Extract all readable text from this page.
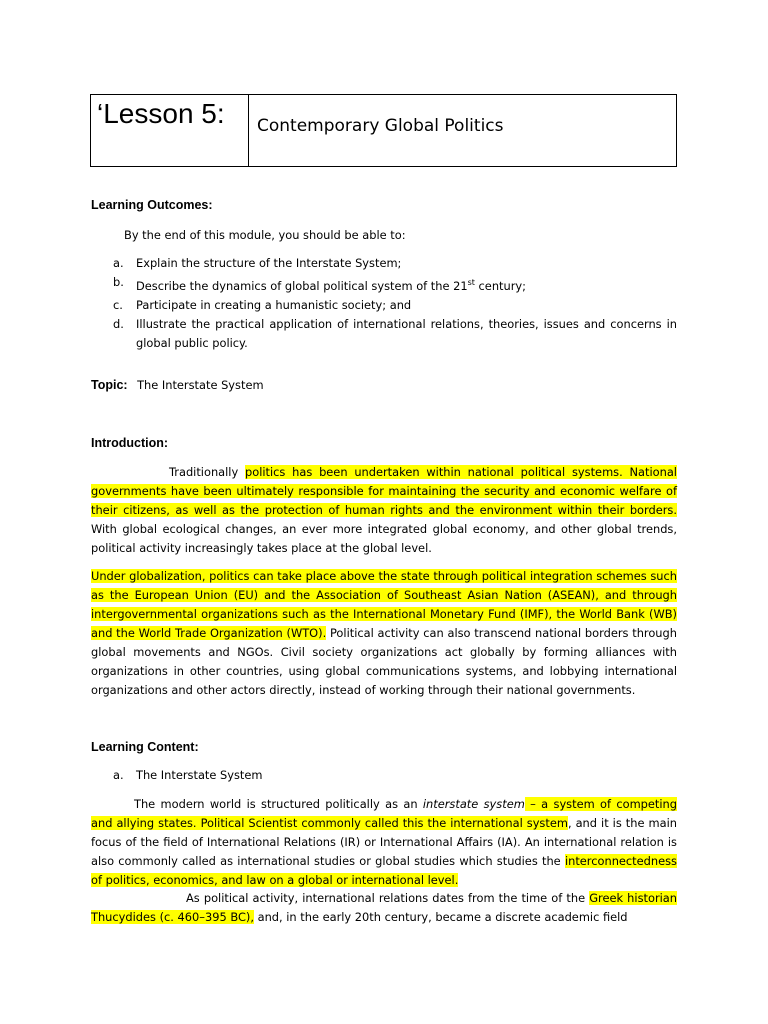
‘Lesson 5:	Contemporary Global Politics
Learning Outcomes:
By the end of this module, you should be able to:
a.	Explain the structure of the Interstate System;
b.	Describe the dynamics of global political system of the 21st century;
c.	Participate in creating a humanistic society; and
d.	Illustrate the practical application of international relations, theories, issues and concerns in global public policy.
Topic: The Interstate System
Introduction:
Traditionally politics has been undertaken within national political systems. National governments have been ultimately responsible for maintaining the security and economic welfare of their citizens, as well as the protection of human rights and the environment within their borders. With global ecological changes, an ever more integrated global economy, and other global trends, political activity increasingly takes place at the global level.
Under globalization, politics can take place above the state through political integration schemes such as the European Union (EU) and the Association of Southeast Asian Nation (ASEAN), and through intergovernmental organizations such as the International Monetary Fund (IMF), the World Bank (WB) and the World Trade Organization (WTO). Political activity can also transcend national borders through global movements and NGOs. Civil society organizations act globally by forming alliances with organizations in other countries, using global communications systems, and lobbying international organizations and other actors directly, instead of working through their national governments.
Learning Content:
a.	The Interstate System
The modern world is structured politically as an interstate system – a system of competing and allying states. Political Scientist commonly called this the international system, and it is the main focus of the field of International Relations (IR) or International Affairs (IA). An international relation is also commonly called as international studies or global studies which studies the interconnectedness of politics, economics, and law on a global or international level.
As political activity, international relations dates from the time of the Greek historian Thucydides (c. 460–395 BC), and, in the early 20th century, became a discrete academic field
